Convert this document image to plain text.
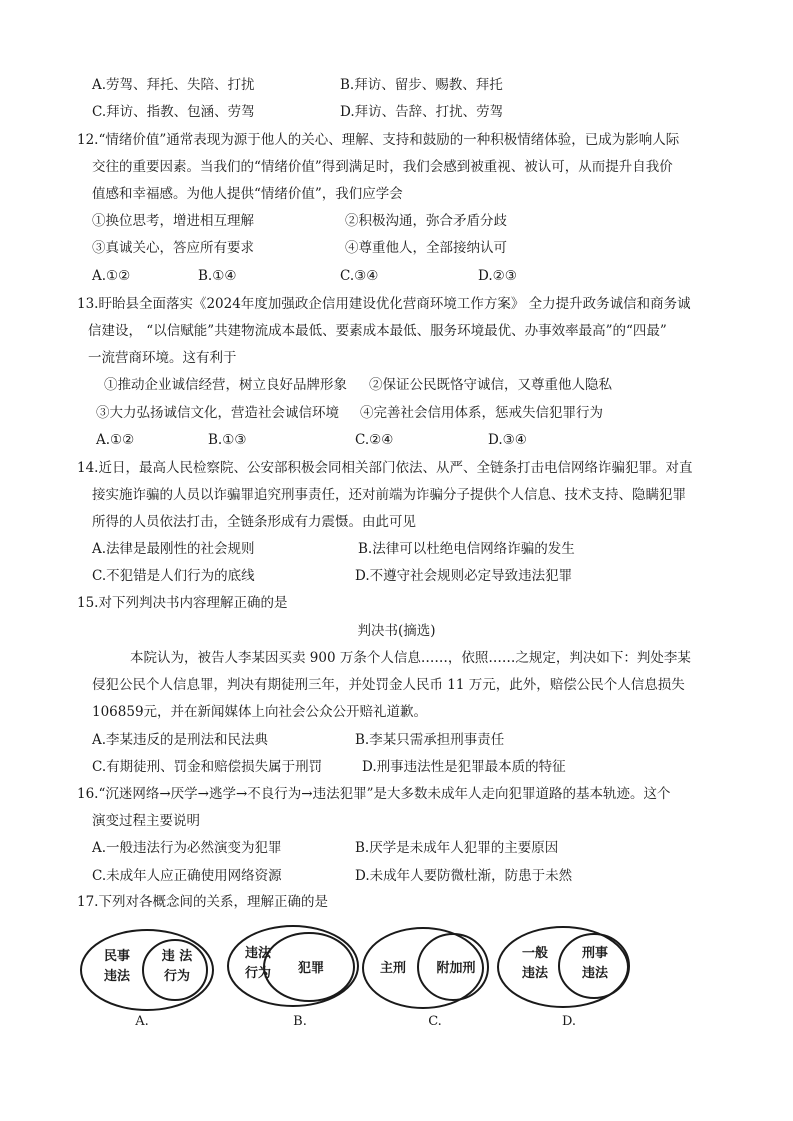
A.劳驾、拜托、失陪、打扰	B.拜访、留步、赐教、拜托
C.拜访、指教、包涵、劳驾	D.拜访、告辞、打扰、劳驾
12.“情绪价值”通常表现为源于他人的关心、理解、支持和鼓励的一种积极情绪体验，已成为影响人际
交往的重要因素。当我们的“情绪价值”得到满足时，我们会感到被重视、被认可，从而提升自我价
值感和幸福感。为他人提供“情绪价值”，我们应学会
①换位思考，增进相互理解	②积极沟通，弥合矛盾分歧
③真诚关心，答应所有要求	④尊重他人，全部接纳认可
A.①②	B.①④	C.③④	D.②③
13.盱眙县全面落实《2024年度加强政企信用建设优化营商环境工作方案》 全力提升政务诚信和商务诚
信建设， “以信赋能”共建物流成本最低、要素成本最低、服务环境最优、办事效率最高”的“四最”
一流营商环境。这有利于
①推动企业诚信经营，树立良好品牌形象 ②保证公民既恪守诚信，又尊重他人隐私
③大力弘扬诚信文化，营造社会诚信环境 ④完善社会信用体系，惩戒失信犯罪行为
A.①②	B.①③	C.②④	D.③④
14.近日，最高人民检察院、公安部积极会同相关部门依法、从严、全链条打击电信网络诈骗犯罪。对直
接实施诈骗的人员以诈骗罪追究刑事责任，还对前端为诈骗分子提供个人信息、技术支持、隐瞒犯罪
所得的人员依法打击，全链条形成有力震慑。由此可见
A.法律是最刚性的社会规则	B.法律可以杜绝电信网络诈骗的发生
C.不犯错是人们行为的底线	D.不遵守社会规则必定导致违法犯罪
15.对下列判决书内容理解正确的是
判决书(摘选)
本院认为，被告人李某因买卖 900 万条个人信息……，依照……之规定，判决如下：判处李某
侵犯公民个人信息罪，判决有期徒刑三年，并处罚金人民币 11 万元，此外，赔偿公民个人信息损失
106859元，并在新闻媒体上向社会公众公开赔礼道歉。
A.李某违反的是刑法和民法典	B.李某只需承担刑事责任
C.有期徒刑、罚金和赔偿损失属于刑罚	D.刑事违法性是犯罪最本质的特征
16.“沉迷网络→厌学→逃学→不良行为→违法犯罪”是大多数未成年人走向犯罪道路的基本轨迹。这个
演变过程主要说明
A.一般违法行为必然演变为犯罪	B.厌学是未成年人犯罪的主要原因
C.未成年人应正确使用网络资源	D.未成年人要防微杜渐，防患于未然
17.下列对各概念间的关系，理解正确的是
民事
违法
违 法
行为
A.
违法
行为 犯罪
B.
主刑 附加刑
C.
一般
违法
刑事
违法
D.
